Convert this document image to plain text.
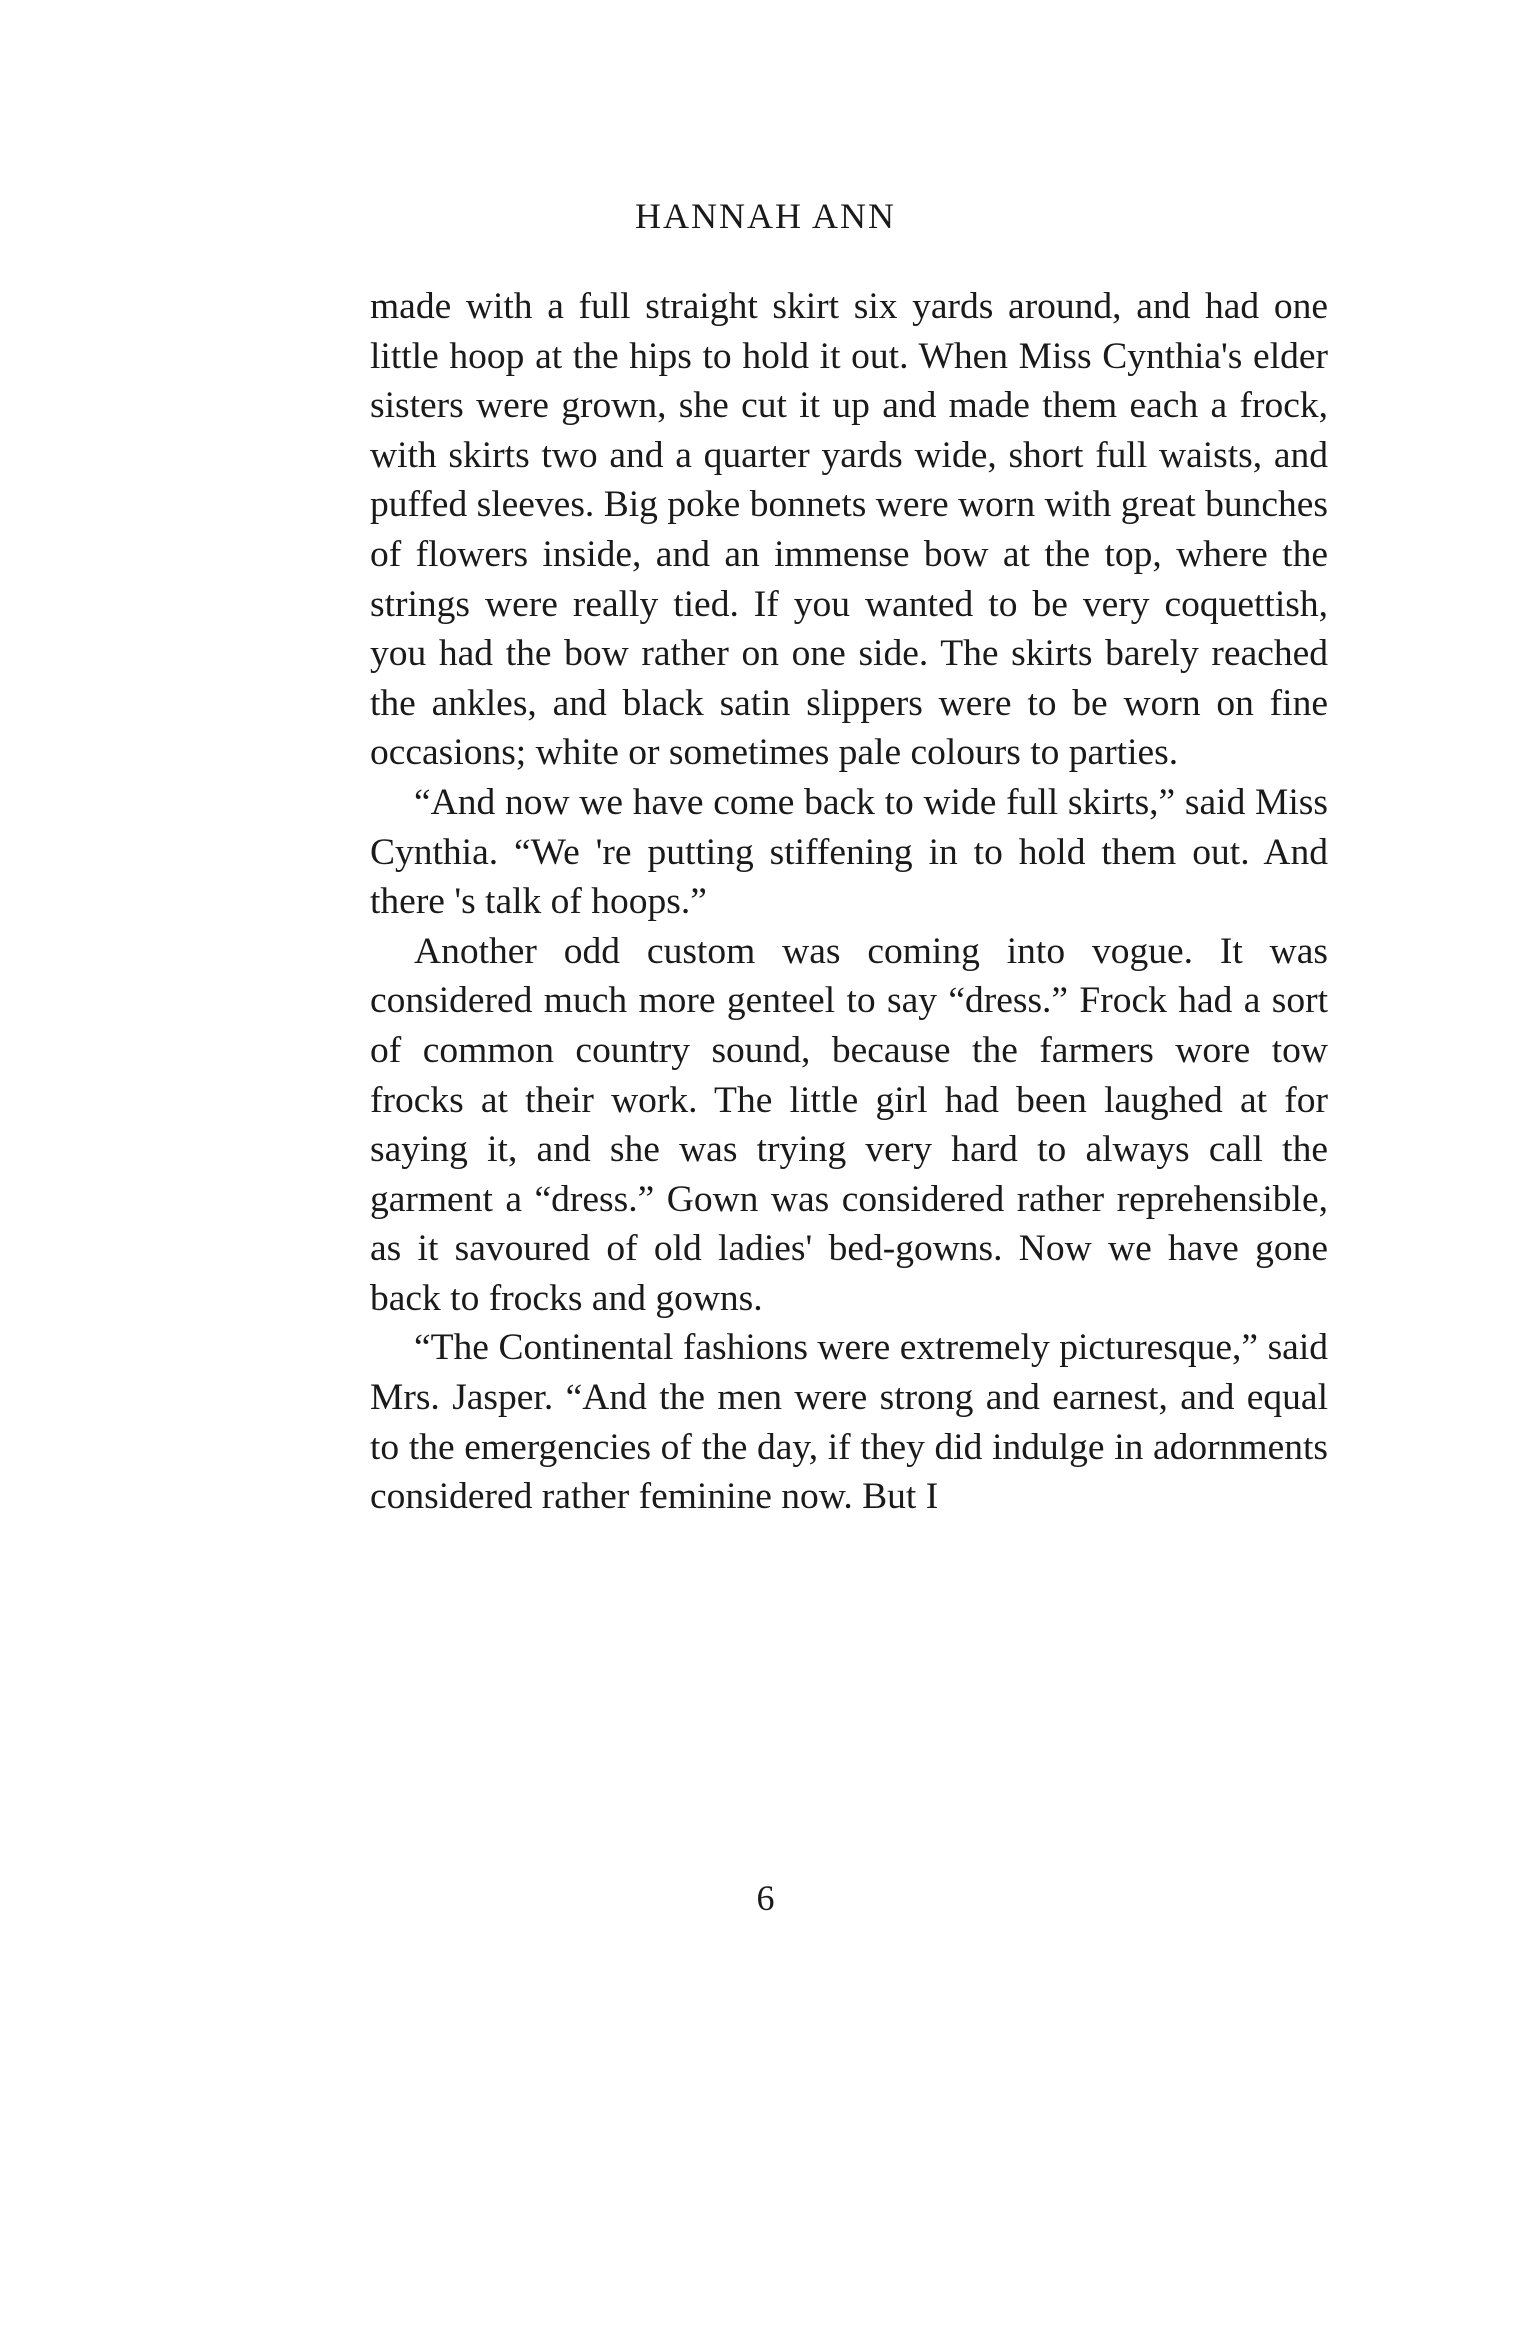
HANNAH ANN

made with a full straight skirt six yards around, and had one little hoop at the hips to hold it out. When Miss Cynthia's elder sisters were grown, she cut it up and made them each a frock, with skirts two and a quarter yards wide, short full waists, and puffed sleeves. Big poke bonnets were worn with great bunches of flowers inside, and an immense bow at the top, where the strings were really tied. If you wanted to be very coquettish, you had the bow rather on one side. The skirts barely reached the ankles, and black satin slippers were to be worn on fine occasions; white or sometimes pale colours to parties.

“And now we have come back to wide full skirts,” said Miss Cynthia. “We 're putting stiffening in to hold them out. And there 's talk of hoops.”

Another odd custom was coming into vogue. It was considered much more genteel to say “dress.” Frock had a sort of common country sound, because the farmers wore tow frocks at their work. The little girl had been laughed at for saying it, and she was trying very hard to always call the garment a “dress.” Gown was considered rather reprehensible, as it savoured of old ladies' bed-gowns. Now we have gone back to frocks and gowns.

“The Continental fashions were extremely picturesque,” said Mrs. Jasper. “And the men were strong and earnest, and equal to the emergencies of the day, if they did indulge in adornments considered rather feminine now. But I

6
